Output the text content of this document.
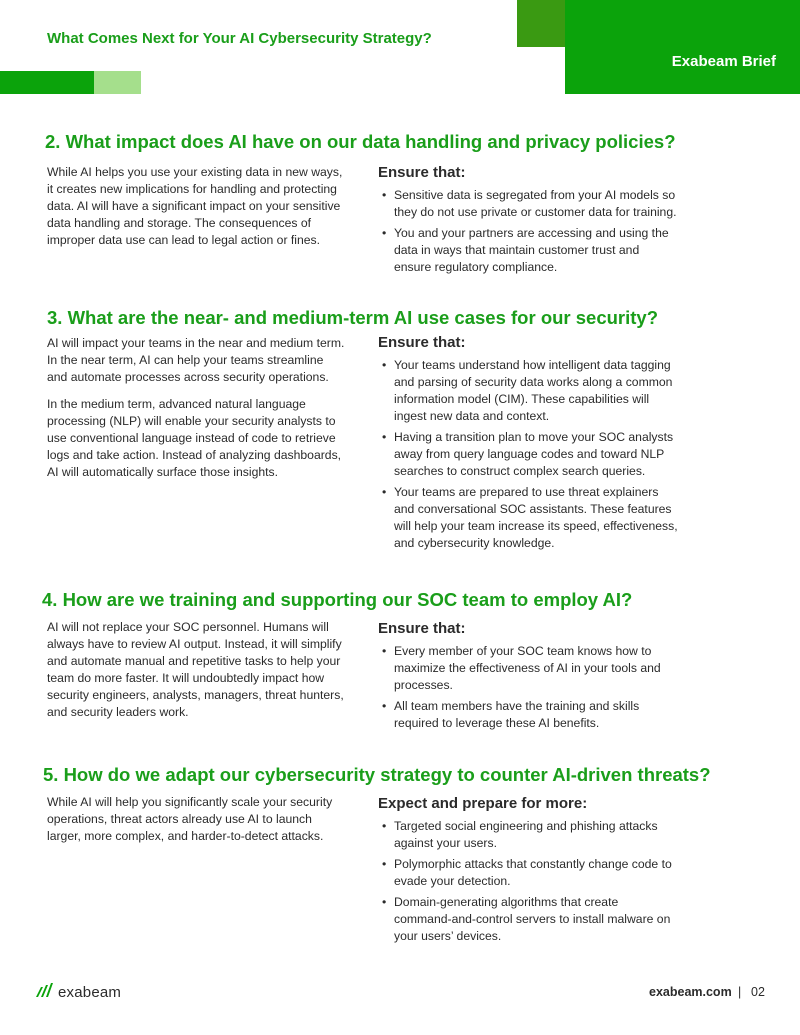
What Comes Next for Your AI Cybersecurity Strategy?
Exabeam Brief
2. What impact does AI have on our data handling and privacy policies?

While AI helps you use your existing data in new ways, it creates new implications for handling and protecting data. AI will have a significant impact on your sensitive data handling and storage. The consequences of improper data use can lead to legal action or fines.

Ensure that:
• Sensitive data is segregated from your AI models so they do not use private or customer data for training.
• You and your partners are accessing and using the data in ways that maintain customer trust and ensure regulatory compliance.
3. What are the near- and medium-term AI use cases for our security?

AI will impact your teams in the near and medium term. In the near term, AI can help your teams streamline and automate processes across security operations.

In the medium term, advanced natural language processing (NLP) will enable your security analysts to use conventional language instead of code to retrieve logs and take action. Instead of analyzing dashboards, AI will automatically surface those insights.

Ensure that:
• Your teams understand how intelligent data tagging and parsing of security data works along a common information model (CIM). These capabilities will ingest new data and context.
• Having a transition plan to move your SOC analysts away from query language codes and toward NLP searches to construct complex search queries.
• Your teams are prepared to use threat explainers and conversational SOC assistants. These features will help your team increase its speed, effectiveness, and cybersecurity knowledge.
4. How are we training and supporting our SOC team to employ AI?

AI will not replace your SOC personnel. Humans will always have to review AI output. Instead, it will simplify and automate manual and repetitive tasks to help your team do more faster. It will undoubtedly impact how security engineers, analysts, managers, threat hunters, and security leaders work.

Ensure that:
• Every member of your SOC team knows how to maximize the effectiveness of AI in your tools and processes.
• All team members have the training and skills required to leverage these AI benefits.
5. How do we adapt our cybersecurity strategy to counter AI-driven threats?

While AI will help you significantly scale your security operations, threat actors already use AI to launch larger, more complex, and harder-to-detect attacks.

Expect and prepare for more:
• Targeted social engineering and phishing attacks against your users.
• Polymorphic attacks that constantly change code to evade your detection.
• Domain-generating algorithms that create command-and-control servers to install malware on your users’ devices.
exabeam	exabeam.com | 02
